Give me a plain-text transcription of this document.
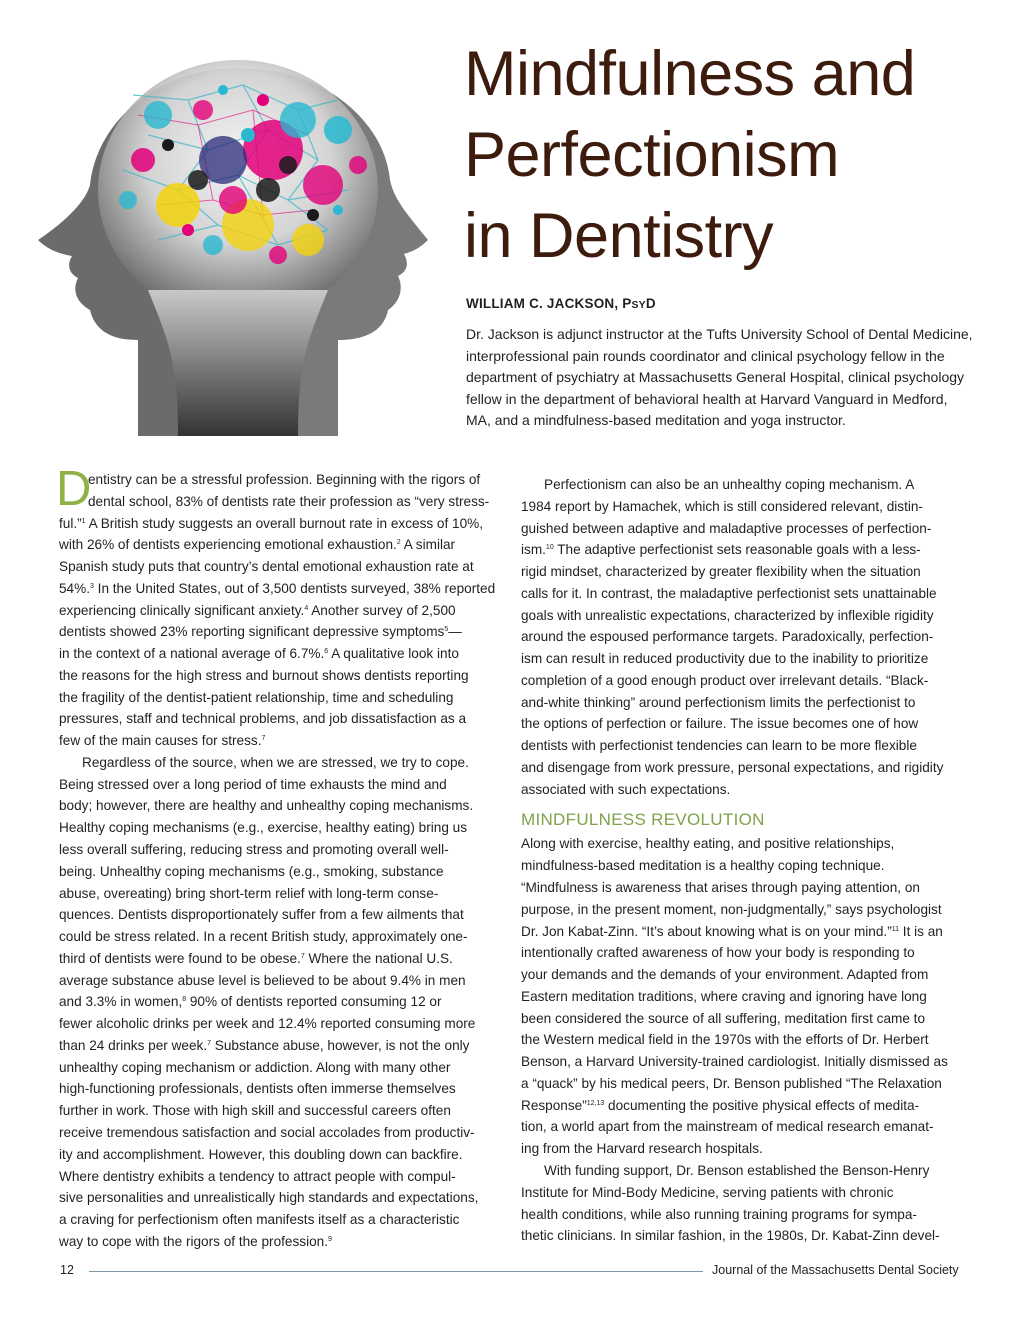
Mindfulness and
Perfectionism
in Dentistry
WILLIAM C. JACKSON, PSYD
Dr. Jackson is adjunct instructor at the Tufts University School of Dental Medicine,
interprofessional pain rounds coordinator and clinical psychology fellow in the
department of psychiatry at Massachusetts General Hospital, clinical psychology
fellow in the department of behavioral health at Harvard Vanguard in Medford,
MA, and a mindfulness-based meditation and yoga instructor.
D
entistry can be a stressful profession. Beginning with the rigors of
dental school, 83% of dentists rate their profession as “very stress-
ful.”$^1$ A British study suggests an overall burnout rate in excess of 10%,
with 26% of dentists experiencing emotional exhaustion.$^2$ A similar
Spanish study puts that country’s dental emotional exhaustion rate at
54%.$^3$ In the United States, out of 3,500 dentists surveyed, 38% reported
experiencing clinically significant anxiety.$^4$ Another survey of 2,500
dentists showed 23% reporting significant depressive symptoms$^5$—
in the context of a national average of 6.7%.$^6$ A qualitative look into
the reasons for the high stress and burnout shows dentists reporting
the fragility of the dentist-patient relationship, time and scheduling
pressures, staff and technical problems, and job dissatisfaction as a
few of the main causes for stress.$^7$
Regardless of the source, when we are stressed, we try to cope.
Being stressed over a long period of time exhausts the mind and
body; however, there are healthy and unhealthy coping mechanisms.
Healthy coping mechanisms (e.g., exercise, healthy eating) bring us
less overall suffering, reducing stress and promoting overall well-
being. Unhealthy coping mechanisms (e.g., smoking, substance
abuse, overeating) bring short-term relief with long-term conse-
quences. Dentists disproportionately suffer from a few ailments that
could be stress related. In a recent British study, approximately one-
third of dentists were found to be obese.$^7$ Where the national U.S.
average substance abuse level is believed to be about 9.4% in men
and 3.3% in women,$^8$ 90% of dentists reported consuming 12 or
fewer alcoholic drinks per week and 12.4% reported consuming more
than 24 drinks per week.$^7$ Substance abuse, however, is not the only
unhealthy coping mechanism or addiction. Along with many other
high-functioning professionals, dentists often immerse themselves
further in work. Those with high skill and successful careers often
receive tremendous satisfaction and social accolades from productiv-
ity and accomplishment. However, this doubling down can backfire.
Where dentistry exhibits a tendency to attract people with compul-
sive personalities and unrealistically high standards and expectations,
a craving for perfectionism often manifests itself as a characteristic
way to cope with the rigors of the profession.$^9$
Perfectionism can also be an unhealthy coping mechanism. A
1984 report by Hamachek, which is still considered relevant, distin-
guished between adaptive and maladaptive processes of perfection-
ism.$^{10}$ The adaptive perfectionist sets reasonable goals with a less-
rigid mindset, characterized by greater flexibility when the situation
calls for it. In contrast, the maladaptive perfectionist sets unattainable
goals with unrealistic expectations, characterized by inflexible rigidity
around the espoused performance targets. Paradoxically, perfection-
ism can result in reduced productivity due to the inability to prioritize
completion of a good enough product over irrelevant details. “Black-
and-white thinking” around perfectionism limits the perfectionist to
the options of perfection or failure. The issue becomes one of how
dentists with perfectionist tendencies can learn to be more flexible
and disengage from work pressure, personal expectations, and rigidity
associated with such expectations.
MINDFULNESS REVOLUTION
Along with exercise, healthy eating, and positive relationships,
mindfulness-based meditation is a healthy coping technique.
“Mindfulness is awareness that arises through paying attention, on
purpose, in the present moment, non-judgmentally,” says psychologist
Dr. Jon Kabat-Zinn. “It’s about knowing what is on your mind.”$^{11}$ It is an
intentionally crafted awareness of how your body is responding to
your demands and the demands of your environment. Adapted from
Eastern meditation traditions, where craving and ignoring have long
been considered the source of all suffering, meditation first came to
the Western medical field in the 1970s with the efforts of Dr. Herbert
Benson, a Harvard University-trained cardiologist. Initially dismissed as
a “quack” by his medical peers, Dr. Benson published “The Relaxation
Response”$^{12,13}$ documenting the positive physical effects of medita-
tion, a world apart from the mainstream of medical research emanat-
ing from the Harvard research hospitals.
With funding support, Dr. Benson established the Benson-Henry
Institute for Mind-Body Medicine, serving patients with chronic
health conditions, while also running training programs for sympa-
thetic clinicians. In similar fashion, in the 1980s, Dr. Kabat-Zinn devel-
12	Journal of the Massachusetts Dental Society
